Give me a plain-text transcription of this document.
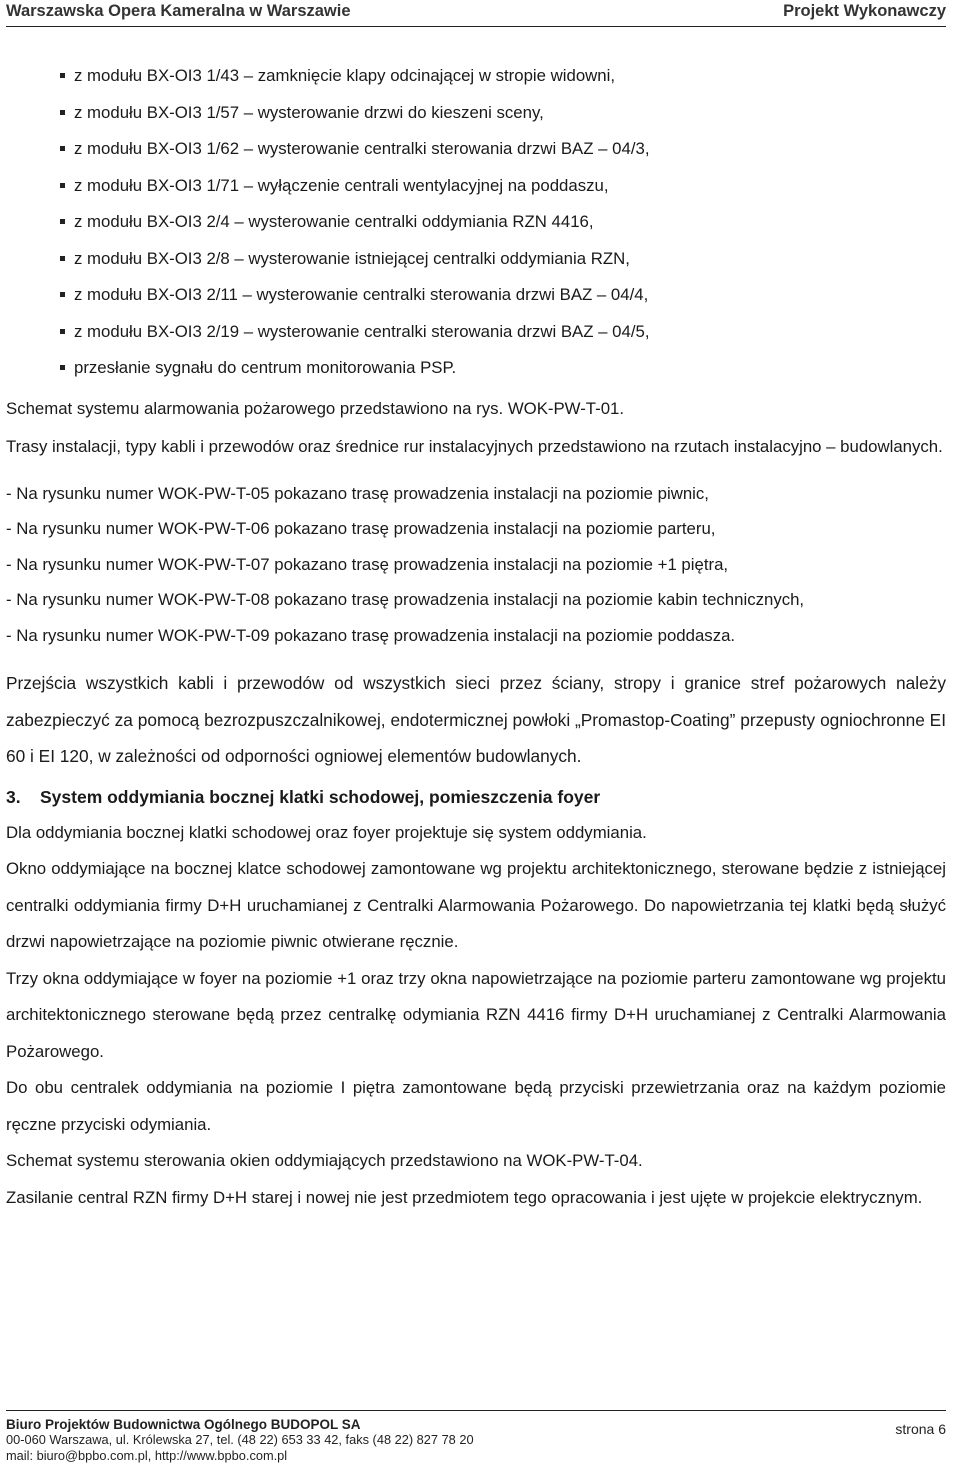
Warszawska Opera Kameralna w Warszawie	Projekt Wykonawczy
z modułu BX-OI3 1/43 – zamknięcie klapy odcinającej w stropie widowni,
z modułu BX-OI3 1/57 – wysterowanie drzwi do kieszeni sceny,
z modułu BX-OI3 1/62 – wysterowanie centralki sterowania drzwi BAZ – 04/3,
z modułu BX-OI3 1/71 – wyłączenie centrali wentylacyjnej na poddaszu,
z modułu BX-OI3 2/4 – wysterowanie centralki oddymiania RZN 4416,
z modułu BX-OI3 2/8 – wysterowanie istniejącej centralki oddymiania RZN,
z modułu BX-OI3 2/11 – wysterowanie centralki sterowania drzwi BAZ – 04/4,
z modułu BX-OI3 2/19 – wysterowanie centralki sterowania drzwi BAZ – 04/5,
przesłanie sygnału do centrum monitorowania PSP.

Schemat systemu alarmowania pożarowego przedstawiono na rys. WOK-PW-T-01.

Trasy instalacji, typy kabli i przewodów oraz średnice rur instalacyjnych przedstawiono na rzutach instalacyjno – budowlanych.

- Na rysunku numer WOK-PW-T-05 pokazano trasę prowadzenia instalacji na poziomie piwnic,
- Na rysunku numer WOK-PW-T-06 pokazano trasę prowadzenia instalacji na poziomie parteru,
- Na rysunku numer WOK-PW-T-07 pokazano trasę prowadzenia instalacji na poziomie +1 piętra,
- Na rysunku numer WOK-PW-T-08 pokazano trasę prowadzenia instalacji na poziomie kabin technicznych,
- Na rysunku numer WOK-PW-T-09 pokazano trasę prowadzenia instalacji na poziomie poddasza.

Przejścia wszystkich kabli i przewodów od wszystkich sieci przez ściany, stropy i granice stref pożarowych należy zabezpieczyć za pomocą bezrozpuszczalnikowej, endotermicznej powłoki „Promastop-Coating” przepusty ogniochronne EI 60 i EI 120, w zależności od odporności ogniowej elementów budowlanych.

3. System oddymiania bocznej klatki schodowej, pomieszczenia foyer

Dla oddymiania bocznej klatki schodowej oraz foyer projektuje się system oddymiania.

Okno oddymiające na bocznej klatce schodowej zamontowane wg projektu architektonicznego, sterowane będzie z istniejącej centralki oddymiania firmy D+H uruchamianej z Centralki Alarmowania Pożarowego. Do napowietrzania tej klatki będą służyć drzwi napowietrzające na poziomie piwnic otwierane ręcznie.

Trzy okna oddymiające w foyer na poziomie +1 oraz trzy okna napowietrzające na poziomie parteru zamontowane wg projektu architektonicznego sterowane będą przez centralkę odymiania RZN 4416 firmy D+H uruchamianej z Centralki Alarmowania Pożarowego.

Do obu centralek oddymiania na poziomie I piętra zamontowane będą przyciski przewietrzania oraz na każdym poziomie ręczne przyciski odymiania.

Schemat systemu sterowania okien oddymiających przedstawiono na WOK-PW-T-04.

Zasilanie central RZN firmy D+H starej i nowej nie jest przedmiotem tego opracowania i jest ujęte w projekcie elektrycznym.

Biuro Projektów Budownictwa Ogólnego BUDOPOL SA
00-060 Warszawa, ul. Królewska 27, tel. (48 22) 653 33 42, faks (48 22) 827 78 20
mail: biuro@bpbo.com.pl, http://www.bpbo.com.pl
strona 6
